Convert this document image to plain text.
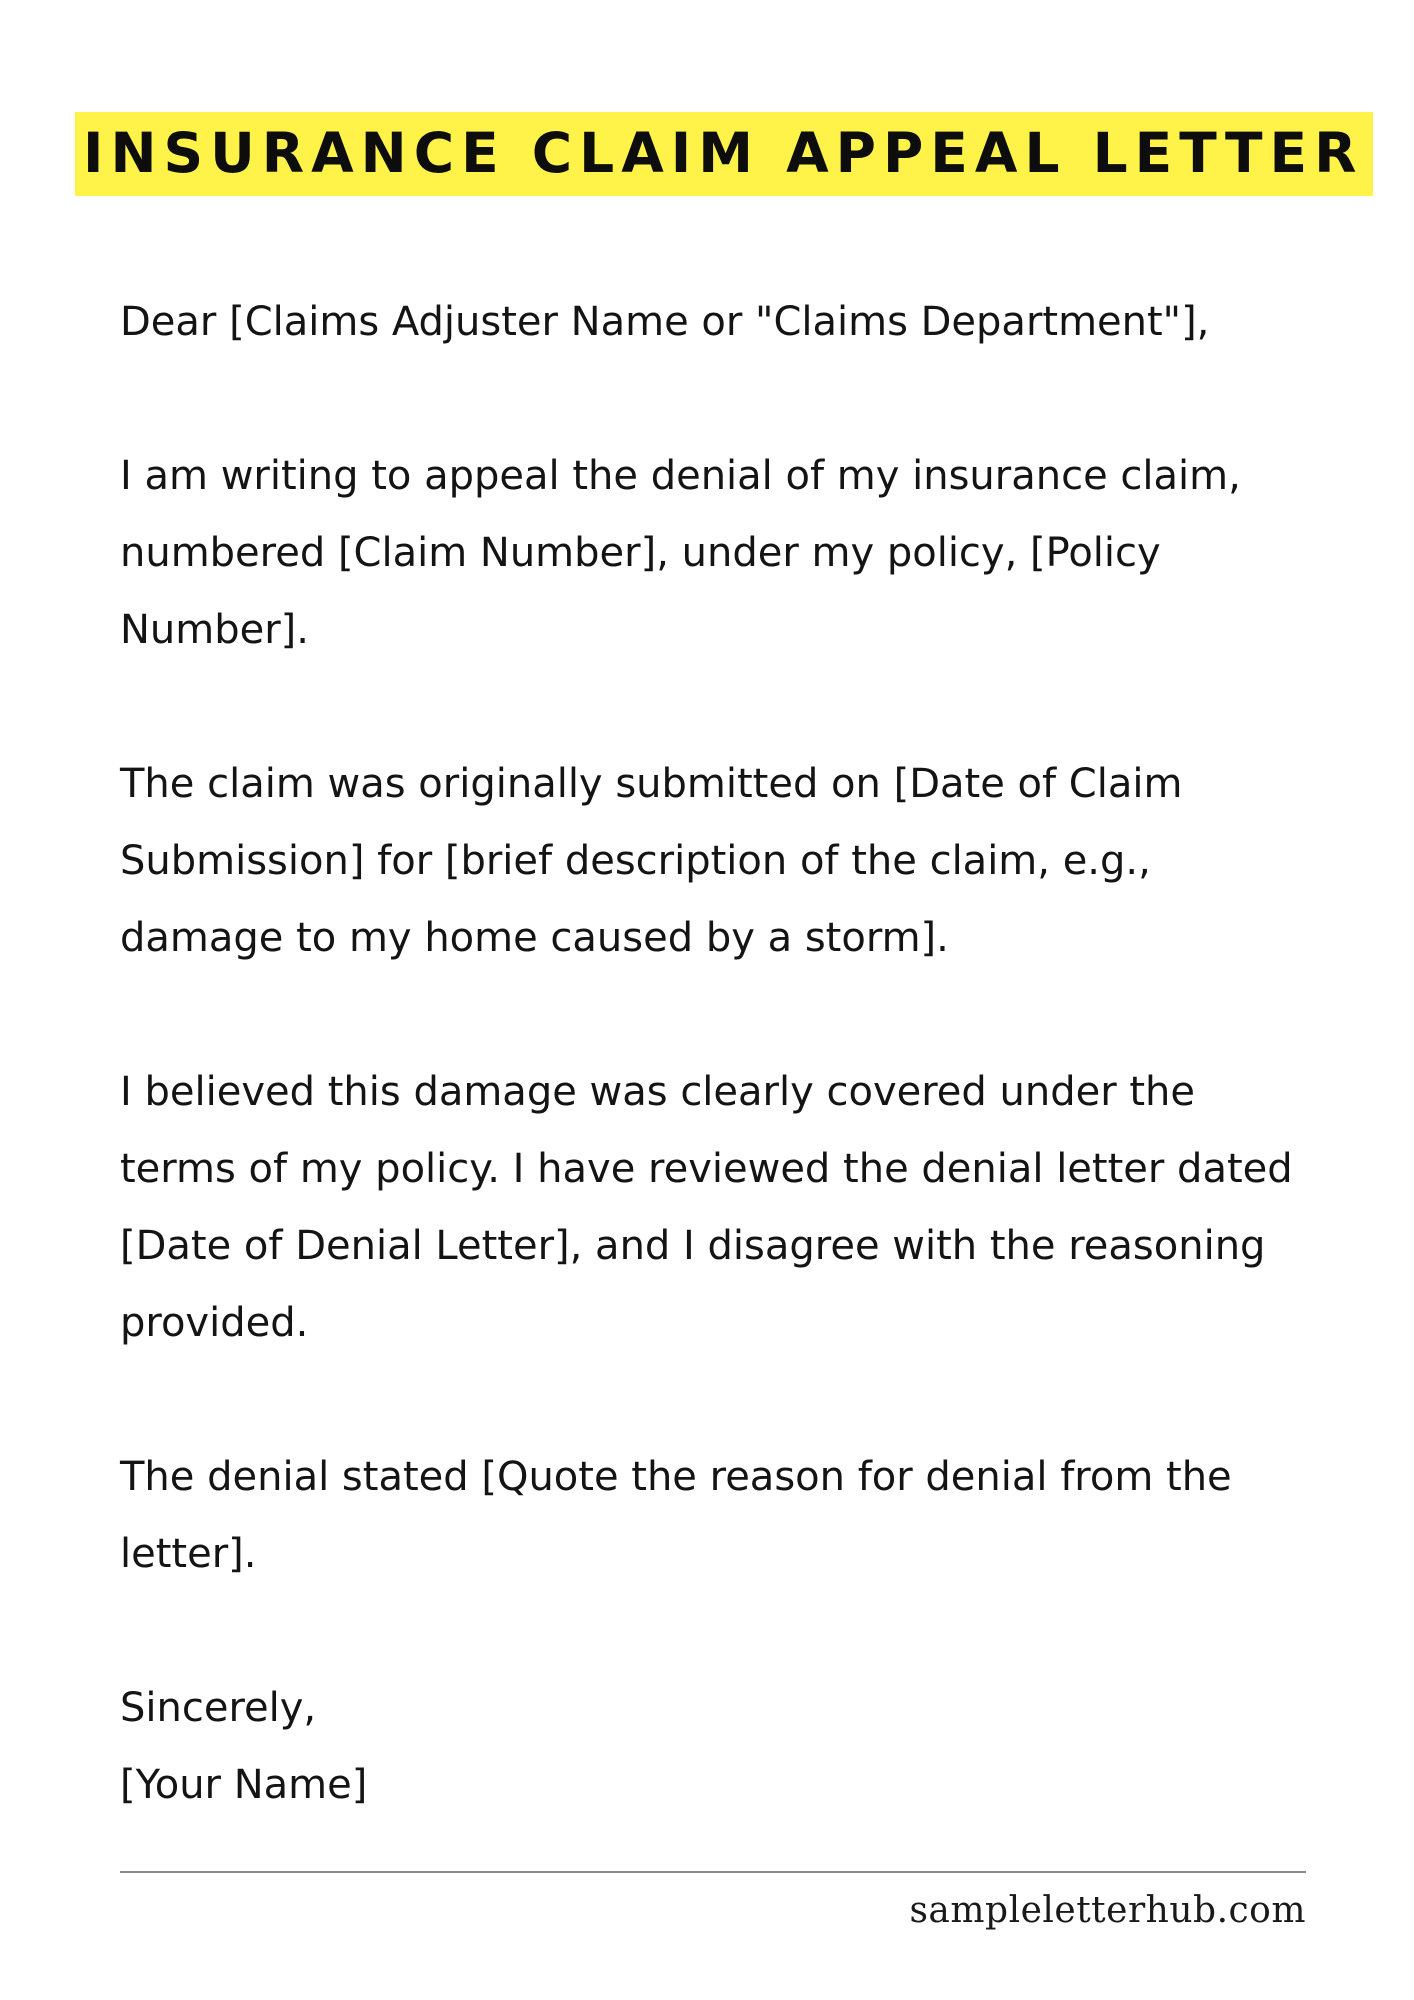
INSURANCE CLAIM APPEAL LETTER

Dear [Claims Adjuster Name or "Claims Department"],

I am writing to appeal the denial of my insurance claim, numbered [Claim Number], under my policy, [Policy Number].

The claim was originally submitted on [Date of Claim Submission] for [brief description of the claim, e.g., damage to my home caused by a storm].

I believed this damage was clearly covered under the terms of my policy. I have reviewed the denial letter dated [Date of Denial Letter], and I disagree with the reasoning provided.

The denial stated [Quote the reason for denial from the letter].

Sincerely,
[Your Name]
sampleletterhub.com
